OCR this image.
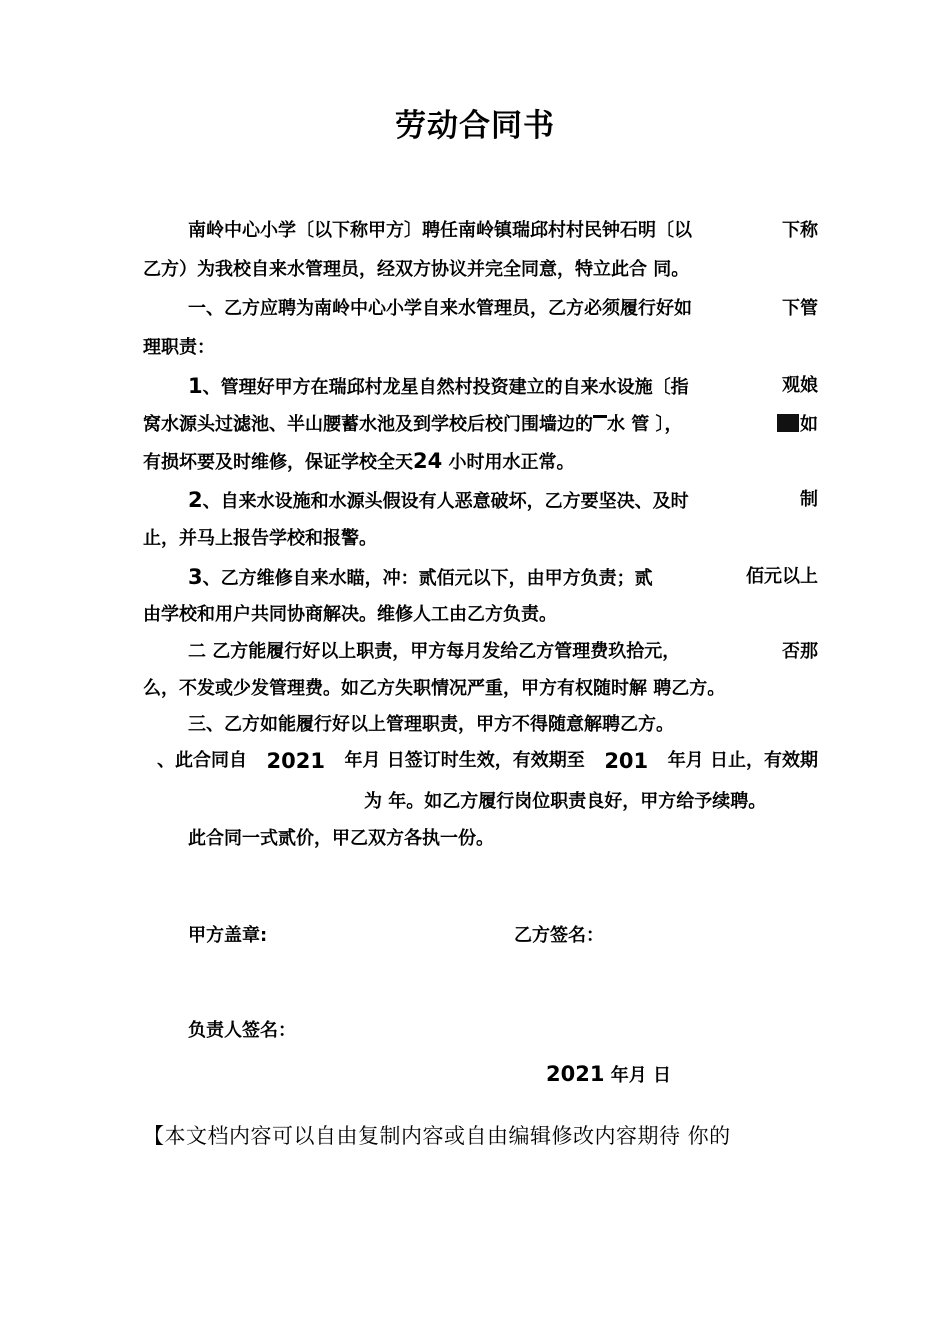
劳动合同书
南岭中心小学〔以下称甲方〕聘任南岭镇瑞邱村村民钟石明〔以	下称
乙方）为我校自来水管理员，经双方协议并完全同意，特立此合 同。
一、乙方应聘为南岭中心小学自来水管理员，乙方必须履行好如	下管
理职责：
1、管理好甲方在瑞邱村龙星自然村投资建立的自来水设施〔指	观娘
窝水源头过滤池、半山腰蓄水池及到学校后校门围墙边的 水 管 〕，	如
有损坏要及时维修，保证学校全天24 小时用水正常。
2、自来水设施和水源头假设有人恶意破坏，乙方要坚决、及时	制
止，并马上报告学校和报警。
3、乙方维修自来水瞄，冲：贰佰元以下，由甲方负责；贰	佰元以上
由学校和用户共同协商解决。维修人工由乙方负责。
二 乙方能履行好以上职责，甲方每月发给乙方管理费玖拾元，	否那
么，不发或少发管理费。如乙方失职情况严重，甲方有权随时解 聘乙方。
三、乙方如能履行好以上管理职责，甲方不得随意解聘乙方。
、此合同自 2021 年月 日签订时生效，有效期至 201 年月 日止，有效期
为 年。如乙方履行岗位职责良好，甲方给予续聘。
此合同一式贰价，甲乙双方各执一份。
甲方盖章:	乙方签名：
负责人签名：
2021 年月 日
【本文档内容可以自由复制内容或自由编辑修改内容期待 你的
